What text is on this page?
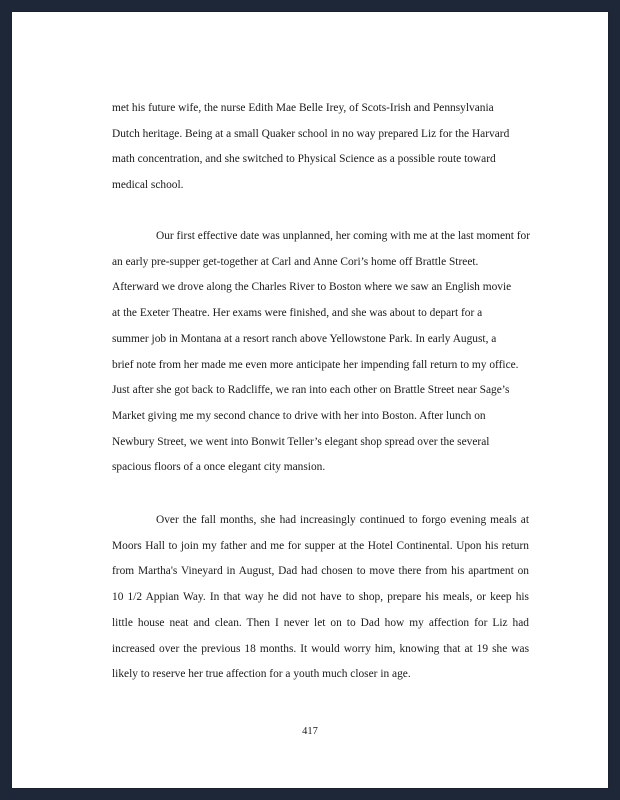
met his future wife, the nurse Edith Mae Belle Irey, of Scots-Irish and Pennsylvania
Dutch heritage. Being at a small Quaker school in no way prepared Liz for the Harvard
math concentration, and she switched to Physical Science as a possible route toward
medical school.

Our first effective date was unplanned, her coming with me at the last moment for
an early pre-supper get-together at Carl and Anne Cori’s home off Brattle Street.
Afterward we drove along the Charles River to Boston where we saw an English movie
at the Exeter Theatre. Her exams were finished, and she was about to depart for a
summer job in Montana at a resort ranch above Yellowstone Park. In early August, a
brief note from her made me even more anticipate her impending fall return to my office.
Just after she got back to Radcliffe, we ran into each other on Brattle Street near Sage’s
Market giving me my second chance to drive with her into Boston. After lunch on
Newbury Street, we went into Bonwit Teller’s elegant shop spread over the several
spacious floors of a once elegant city mansion.

Over the fall months, she had increasingly continued to forgo evening meals at
Moors Hall to join my father and me for supper at the Hotel Continental. Upon his return
from Martha's Vineyard in August, Dad had chosen to move there from his apartment on
10 1/2 Appian Way. In that way he did not have to shop, prepare his meals, or keep his
little house neat and clean. Then I never let on to Dad how my affection for Liz had
increased over the previous 18 months. It would worry him, knowing that at 19 she was
likely to reserve her true affection for a youth much closer in age.

417
